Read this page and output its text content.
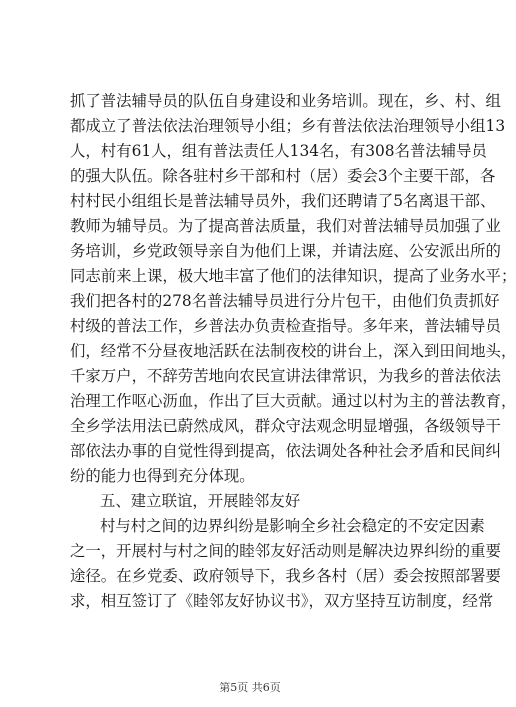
抓了普法辅导员的队伍自身建设和业务培训。现在，乡、村、组
都成立了普法依法治理领导小组；乡有普法依法治理领导小组13
人，村有61人，组有普法责任人134名，有308名普法辅导员
的强大队伍。除各驻村乡干部和村（居）委会3个主要干部，各
村村民小组组长是普法辅导员外，我们还聘请了5名离退干部、
教师为辅导员。为了提高普法质量，我们对普法辅导员加强了业
务培训，乡党政领导亲自为他们上课，并请法庭、公安派出所的
同志前来上课，极大地丰富了他们的法律知识，提高了业务水平；
我们把各村的278名普法辅导员进行分片包干，由他们负责抓好
村级的普法工作，乡普法办负责检查指导。多年来，普法辅导员
们，经常不分昼夜地活跃在法制夜校的讲台上，深入到田间地头，
千家万户，不辞劳苦地向农民宣讲法律常识，为我乡的普法依法
治理工作呕心沥血，作出了巨大贡献。通过以村为主的普法教育，
全乡学法用法已蔚然成风，群众守法观念明显增强，各级领导干
部依法办事的自觉性得到提高，依法调处各种社会矛盾和民间纠
纷的能力也得到充分体现。
五、建立联谊，开展睦邻友好
村与村之间的边界纠纷是影响全乡社会稳定的不安定因素
之一，开展村与村之间的睦邻友好活动则是解决边界纠纷的重要
途径。在乡党委、政府领导下，我乡各村（居）委会按照部署要
求，相互签订了《睦邻友好协议书》，双方坚持互访制度，经常
第5页 共6页
